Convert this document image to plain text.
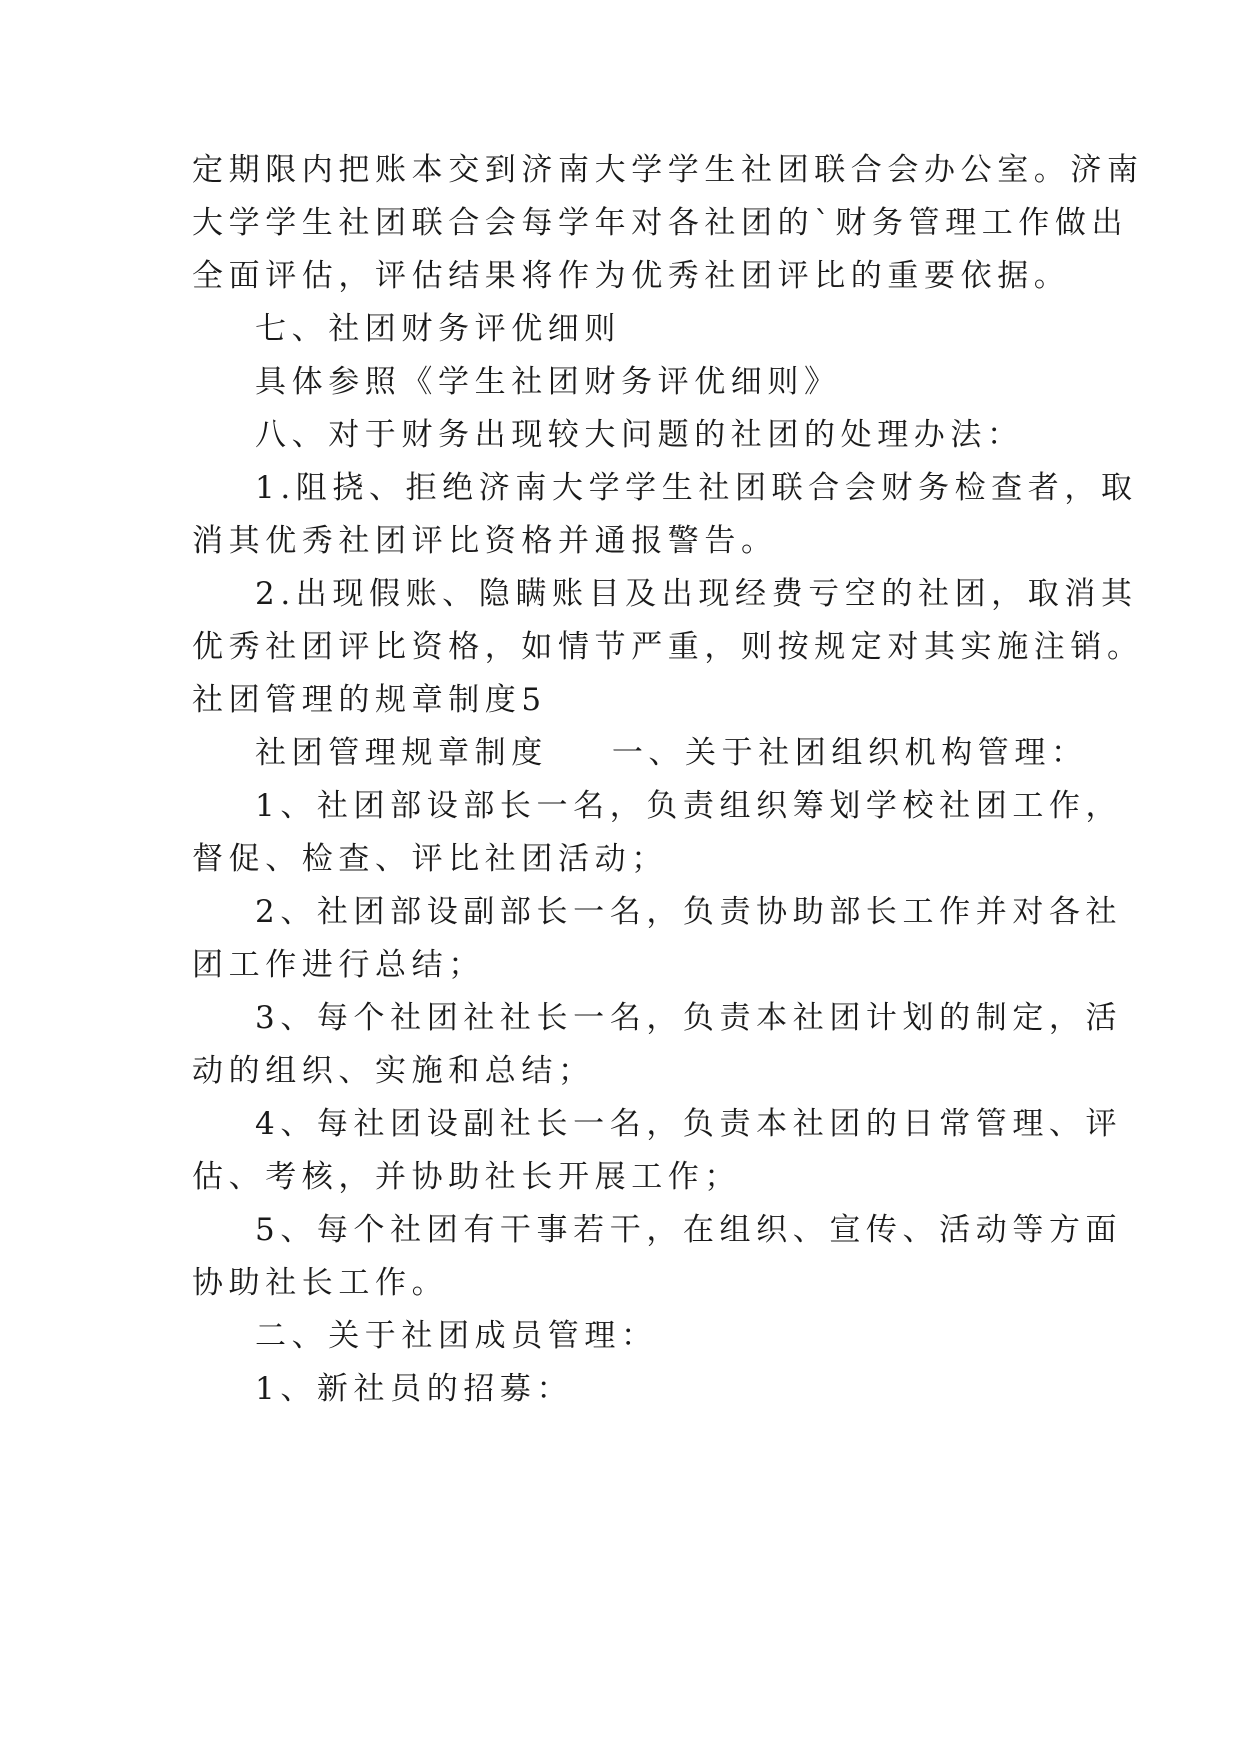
定期限内把账本交到济南大学学生社团联合会办公室。济南
大学学生社团联合会每学年对各社团的`财务管理工作做出
全面评估，评估结果将作为优秀社团评比的重要依据。
七、社团财务评优细则
具体参照《学生社团财务评优细则》
八、对于财务出现较大问题的社团的处理办法：
1.阻挠、拒绝济南大学学生社团联合会财务检查者，取
消其优秀社团评比资格并通报警告。
2.出现假账、隐瞒账目及出现经费亏空的社团，取消其
优秀社团评比资格，如情节严重，则按规定对其实施注销。
社团管理的规章制度5
社团管理规章制度 一、关于社团组织机构管理：
1、社团部设部长一名，负责组织筹划学校社团工作，
督促、检查、评比社团活动；
2、社团部设副部长一名，负责协助部长工作并对各社
团工作进行总结；
3、每个社团社社长一名，负责本社团计划的制定，活
动的组织、实施和总结；
4、每社团设副社长一名，负责本社团的日常管理、评
估、考核，并协助社长开展工作；
5、每个社团有干事若干，在组织、宣传、活动等方面
协助社长工作。
二、关于社团成员管理：
1、新社员的招募：
